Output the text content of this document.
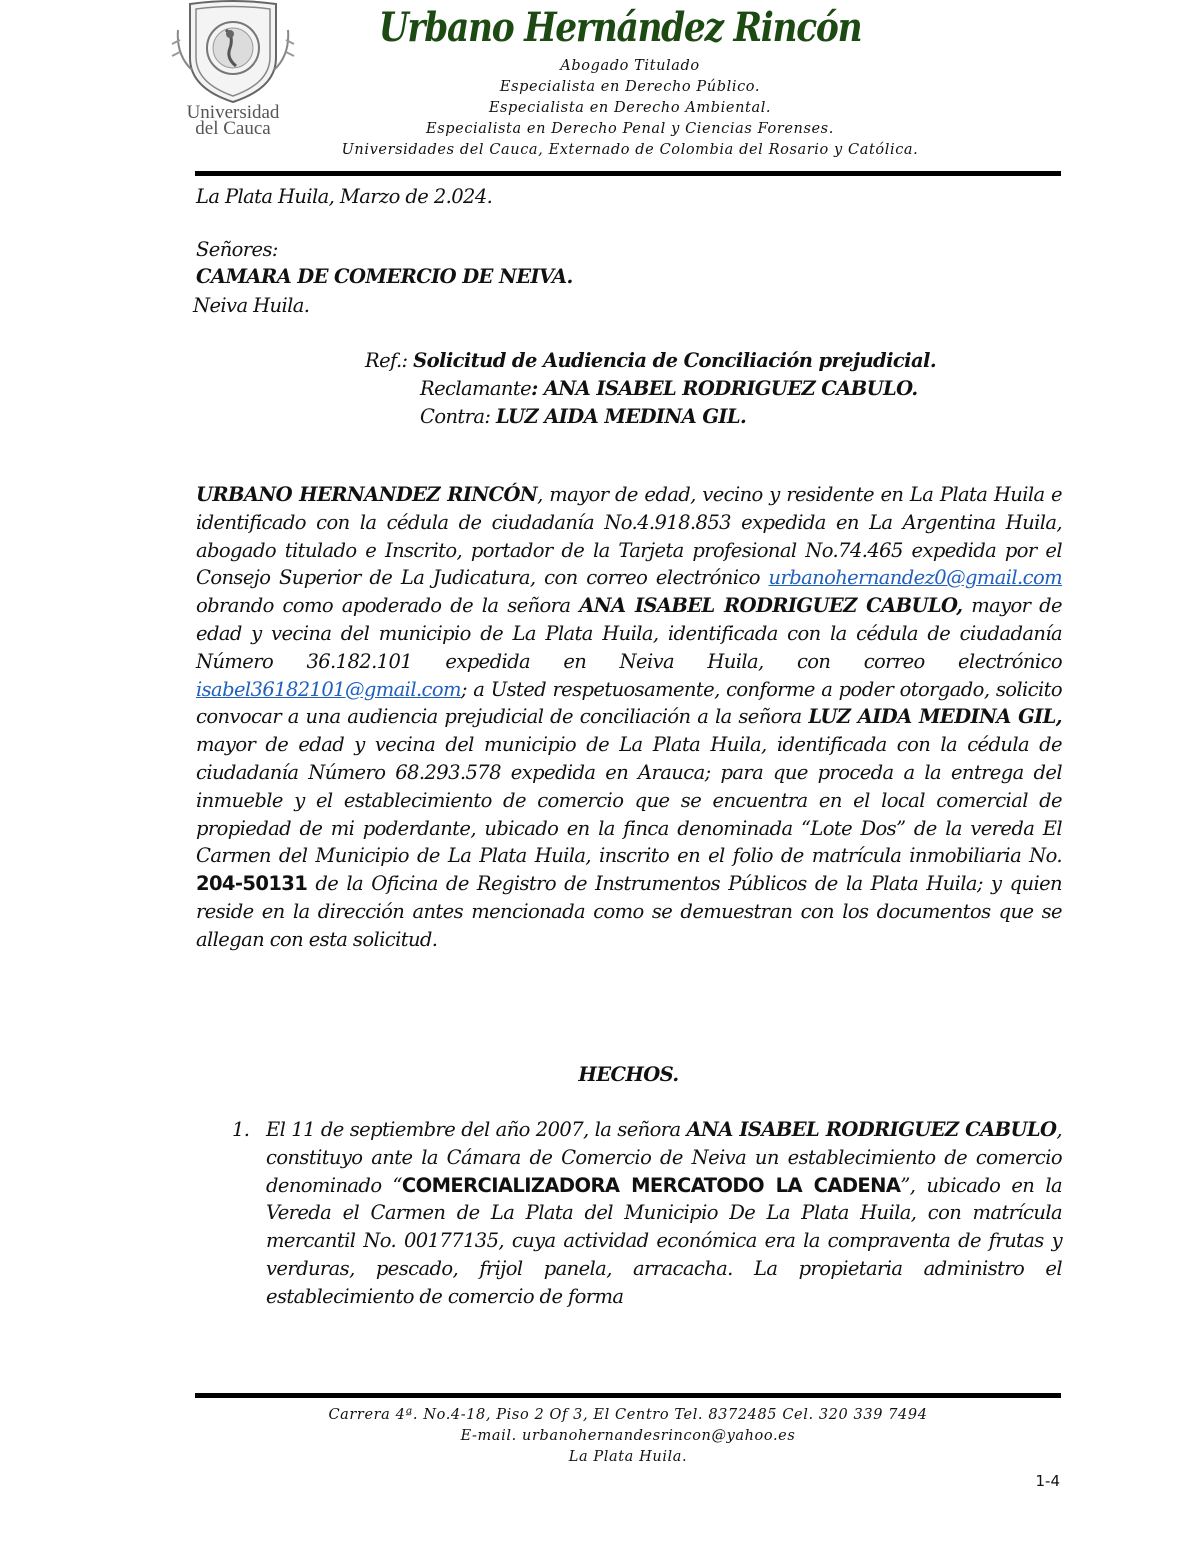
Universidad
del Cauca
Urbano Hernández Rincón
Abogado Titulado
Especialista en Derecho Público.
Especialista en Derecho Ambiental.
Especialista en Derecho Penal y Ciencias Forenses.
Universidades del Cauca, Externado de Colombia del Rosario y Católica.
La Plata Huila, Marzo de 2.024.
Señores:
CAMARA DE COMERCIO DE NEIVA.
Neiva Huila.
Ref.: Solicitud de Audiencia de Conciliación prejudicial.
Reclamante: ANA ISABEL RODRIGUEZ CABULO.
Contra: LUZ AIDA MEDINA GIL.
URBANO HERNANDEZ RINCÓN, mayor de edad, vecino y residente en La Plata Huila e identificado con la cédula de ciudadanía No.4.918.853 expedida en La Argentina Huila, abogado titulado e Inscrito, portador de la Tarjeta profesional No.74.465 expedida por el Consejo Superior de La Judicatura, con correo electrónico urbanohernandez0@gmail.com obrando como apoderado de la señora ANA ISABEL RODRIGUEZ CABULO, mayor de edad y vecina del municipio de La Plata Huila, identificada con la cédula de ciudadanía Número 36.182.101 expedida en Neiva Huila, con correo electrónico isabel36182101@gmail.com; a Usted respetuosamente, conforme a poder otorgado, solicito convocar a una audiencia prejudicial de conciliación a la señora LUZ AIDA MEDINA GIL, mayor de edad y vecina del municipio de La Plata Huila, identificada con la cédula de ciudadanía Número 68.293.578 expedida en Arauca; para que proceda a la entrega del inmueble y el establecimiento de comercio que se encuentra en el local comercial de propiedad de mi poderdante, ubicado en la finca denominada “Lote Dos” de la vereda El Carmen del Municipio de La Plata Huila, inscrito en el folio de matrícula inmobiliaria No. 204-50131 de la Oficina de Registro de Instrumentos Públicos de la Plata Huila; y quien reside en la dirección antes mencionada como se demuestran con los documentos que se allegan con esta solicitud.
HECHOS.
1. El 11 de septiembre del año 2007, la señora ANA ISABEL RODRIGUEZ CABULO, constituyo ante la Cámara de Comercio de Neiva un establecimiento de comercio denominado “COMERCIALIZADORA MERCATODO LA CADENA”, ubicado en la Vereda el Carmen de La Plata del Municipio De La Plata Huila, con matrícula mercantil No. 00177135, cuya actividad económica era la compraventa de frutas y verduras, pescado, frijol panela, arracacha. La propietaria administro el establecimiento de comercio de forma
Carrera 4ª. No.4-18, Piso 2 Of 3, El Centro Tel. 8372485 Cel. 320 339 7494
E-mail. urbanohernandesrincon@yahoo.es
La Plata Huila.
1-4
